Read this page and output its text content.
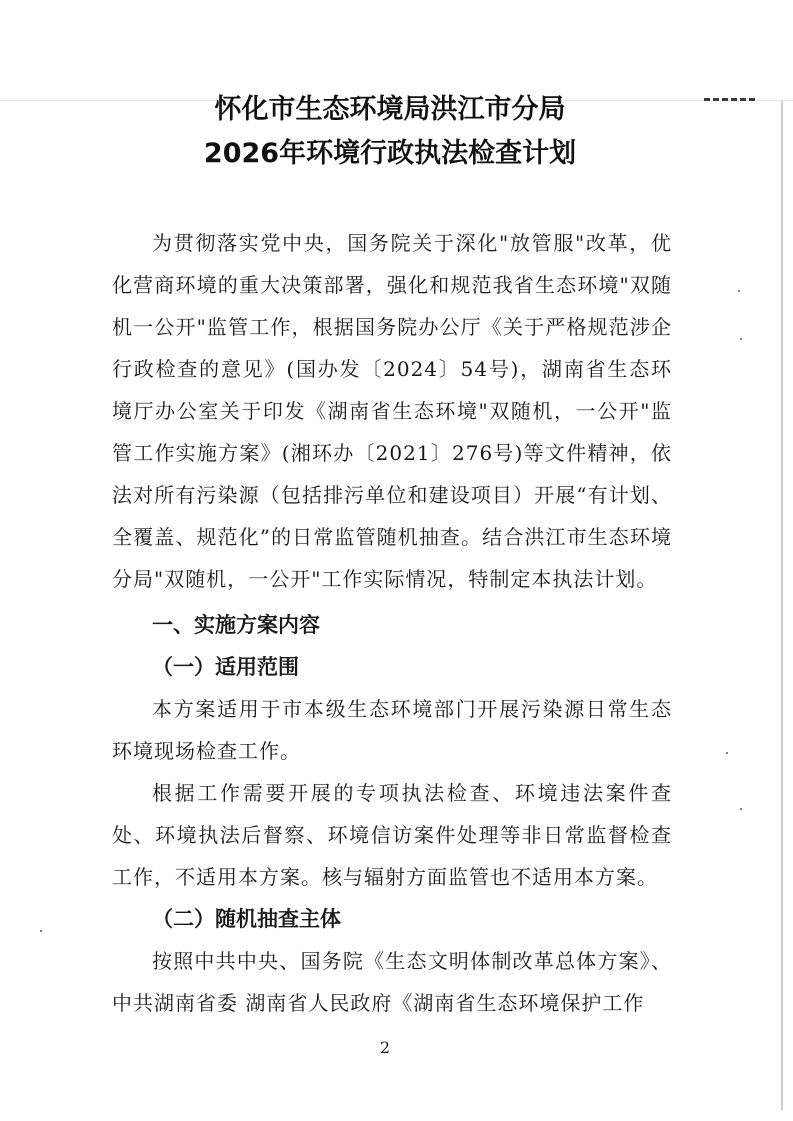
怀化市生态环境局洪江市分局
2026年环境行政执法检查计划

为贯彻落实党中央，国务院关于深化"放管服"改革，优化营商环境的重大决策部署，强化和规范我省生态环境"双随机一公开"监管工作，根据国务院办公厅《关于严格规范涉企行政检查的意见》(国办发〔2024〕54号)，湖南省生态环境厅办公室关于印发《湖南省生态环境"双随机，一公开"监管工作实施方案》(湘环办〔2021〕276号)等文件精神，依法对所有污染源（包括排污单位和建设项目）开展“有计划、全覆盖、规范化”的日常监管随机抽查。结合洪江市生态环境分局"双随机，一公开"工作实际情况，特制定本执法计划。

一、实施方案内容
（一）适用范围

本方案适用于市本级生态环境部门开展污染源日常生态环境现场检查工作。

根据工作需要开展的专项执法检查、环境违法案件查处、环境执法后督察、环境信访案件处理等非日常监督检查工作，不适用本方案。核与辐射方面监管也不适用本方案。

（二）随机抽查主体

按照中共中央、国务院《生态文明体制改革总体方案》、中共湖南省委 湖南省人民政府《湖南省生态环境保护工作

2
